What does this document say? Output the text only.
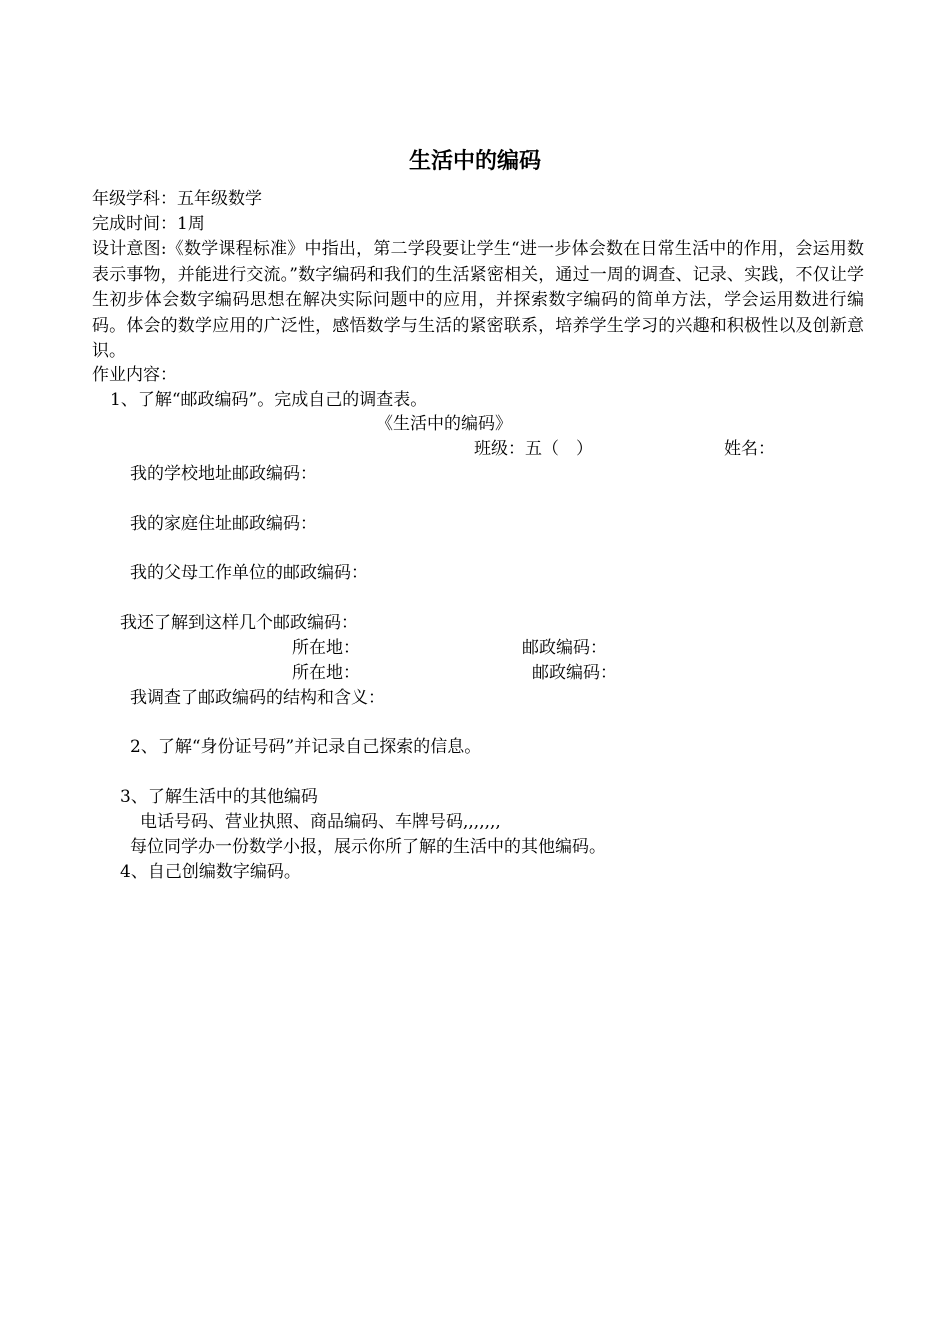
生活中的编码
年级学科：五年级数学
完成时间：1周
设计意图:《数学课程标准》中指出，第二学段要让学生“进一步体会数在日常生活中的作用，会运用数表示事物，并能进行交流。”数字编码和我们的生活紧密相关，通过一周的调查、记录、实践，不仅让学生初步体会数字编码思想在解决实际问题中的应用，并探索数字编码的简单方法，学会运用数进行编码。体会的数学应用的广泛性，感悟数学与生活的紧密联系，培养学生学习的兴趣和积极性以及创新意识。
作业内容：
1、了解“邮政编码”。完成自己的调查表。
《生活中的编码》
班级：五（　）	姓名：
我的学校地址邮政编码：
我的家庭住址邮政编码：
我的父母工作单位的邮政编码：
我还了解到这样几个邮政编码：
所在地：	邮政编码：
所在地：	邮政编码：
我调查了邮政编码的结构和含义：
2、了解“身份证号码”并记录自己探索的信息。
3、了解生活中的其他编码
电话号码、营业执照、商品编码、车牌号码,,,,,,,
每位同学办一份数学小报，展示你所了解的生活中的其他编码。
4、自己创编数字编码。
